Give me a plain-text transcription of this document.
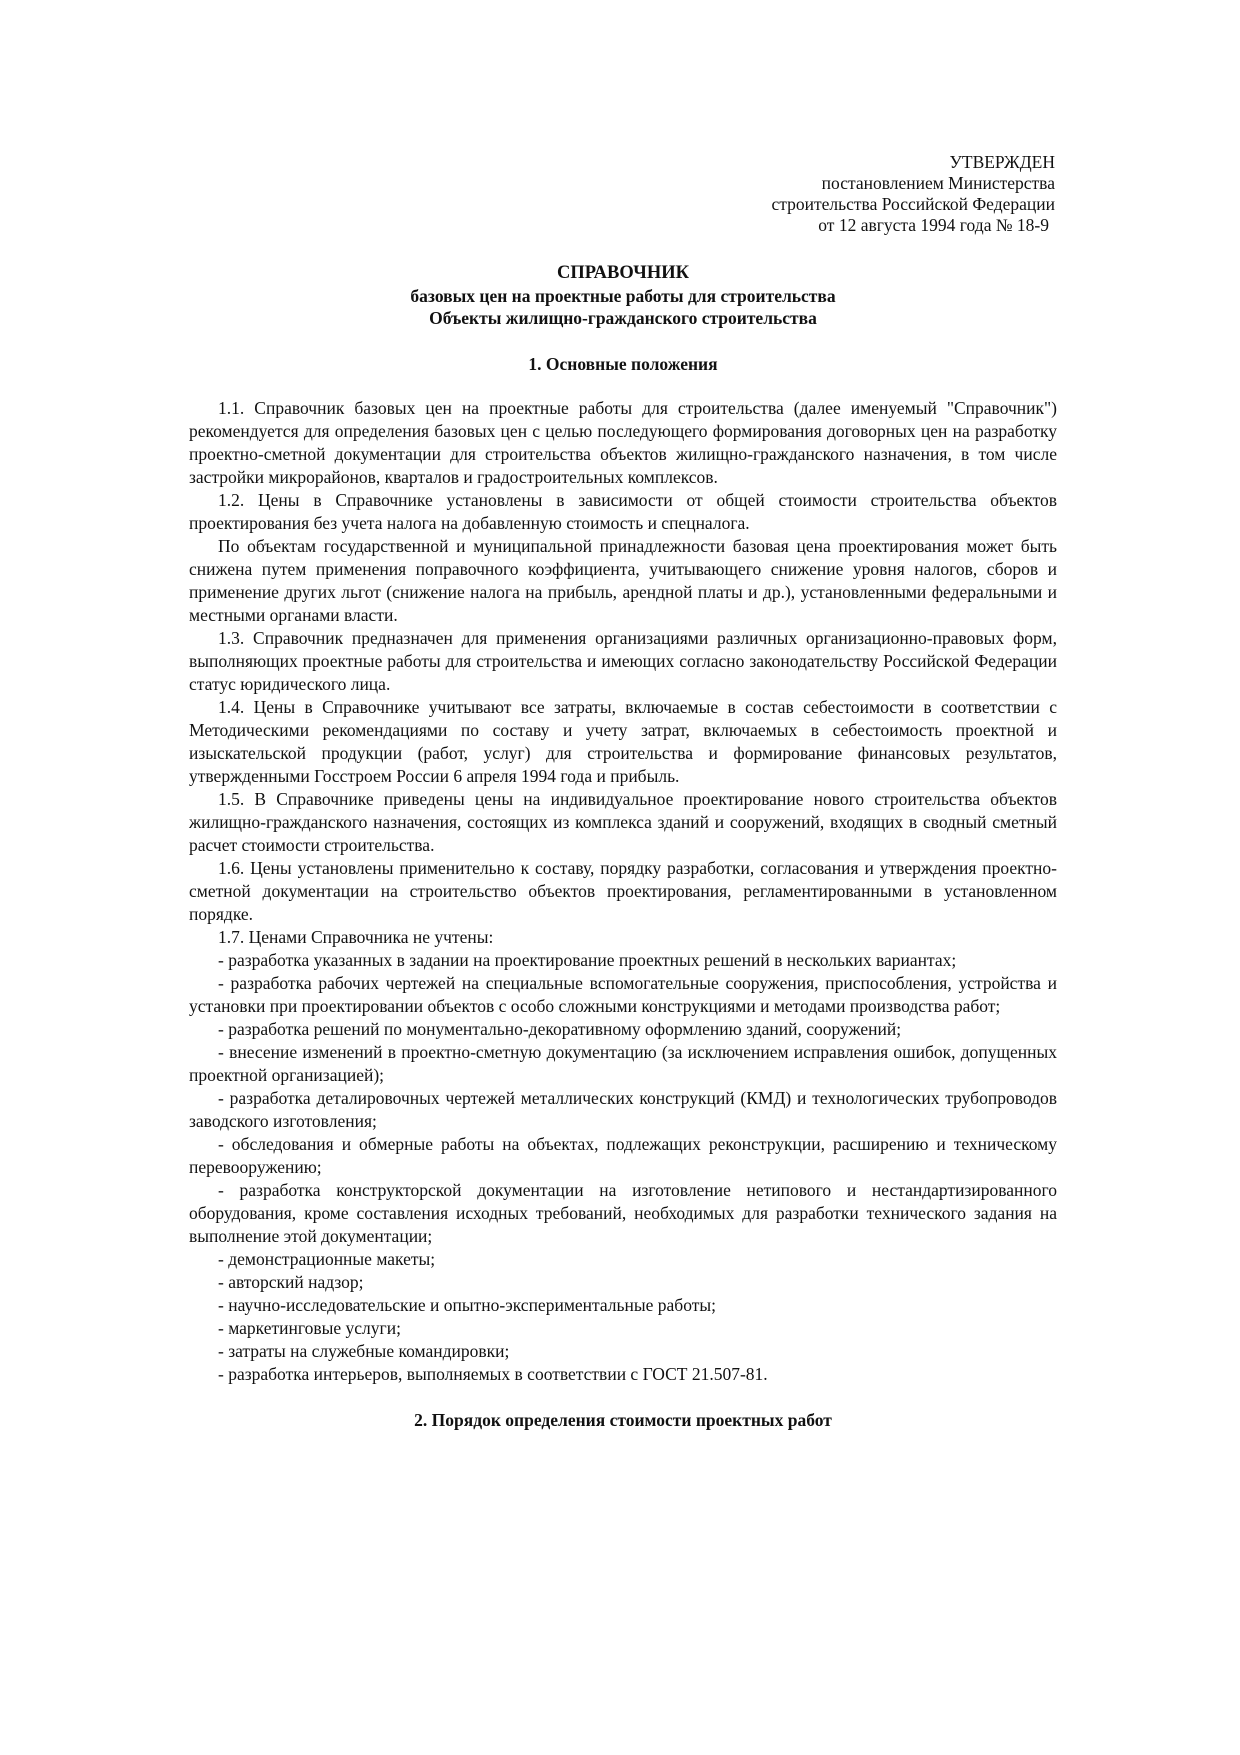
УТВЕРЖДЕН
постановлением Министерства
строительства Российской Федерации
от 12 августа 1994 года № 18-9
СПРАВОЧНИК
базовых цен на проектные работы для строительства
Объекты жилищно-гражданского строительства
1. Основные положения

1.1. Справочник базовых цен на проектные работы для строительства (далее именуемый "Справочник") рекомендуется для определения базовых цен с целью последующего формирования договорных цен на разработку проектно-сметной документации для строительства объектов жилищно-гражданского назначения, в том числе застройки микрорайонов, кварталов и градостроительных комплексов.

1.2. Цены в Справочнике установлены в зависимости от общей стоимости строительства объектов проектирования без учета налога на добавленную стоимость и спецналога.

По объектам государственной и муниципальной принадлежности базовая цена проектирования может быть снижена путем применения поправочного коэффициента, учитывающего снижение уровня налогов, сборов и применение других льгот (снижение налога на прибыль, арендной платы и др.), установленными федеральными и местными органами власти.

1.3. Справочник предназначен для применения организациями различных организационно-правовых форм, выполняющих проектные работы для строительства и имеющих согласно законодательству Российской Федерации статус юридического лица.

1.4. Цены в Справочнике учитывают все затраты, включаемые в состав себестоимости в соответствии с Методическими рекомендациями по составу и учету затрат, включаемых в себестоимость проектной и изыскательской продукции (работ, услуг) для строительства и формирование финансовых результатов, утвержденными Госстроем России 6 апреля 1994 года и прибыль.

1.5. В Справочнике приведены цены на индивидуальное проектирование нового строительства объектов жилищно-гражданского назначения, состоящих из комплекса зданий и сооружений, входящих в сводный сметный расчет стоимости строительства.

1.6. Цены установлены применительно к составу, порядку разработки, согласования и утверждения проектно-сметной документации на строительство объектов проектирования, регламентированными в установленном порядке.

1.7. Ценами Справочника не учтены:

- разработка указанных в задании на проектирование проектных решений в нескольких вариантах;

- разработка рабочих чертежей на специальные вспомогательные сооружения, приспособления, устройства и установки при проектировании объектов с особо сложными конструкциями и методами производства работ;

- разработка решений по монументально-декоративному оформлению зданий, сооружений;

- внесение изменений в проектно-сметную документацию (за исключением исправления ошибок, допущенных проектной организацией);

- разработка деталировочных чертежей металлических конструкций (КМД) и технологических трубопроводов заводского изготовления;

- обследования и обмерные работы на объектах, подлежащих реконструкции, расширению и техническому перевооружению;

- разработка конструкторской документации на изготовление нетипового и нестандартизированного оборудования, кроме составления исходных требований, необходимых для разработки технического задания на выполнение этой документации;

- демонстрационные макеты;

- авторский надзор;

- научно-исследовательские и опытно-экспериментальные работы;

- маркетинговые услуги;

- затраты на служебные командировки;

- разработка интерьеров, выполняемых в соответствии с ГОСТ 21.507-81.

2. Порядок определения стоимости проектных работ
